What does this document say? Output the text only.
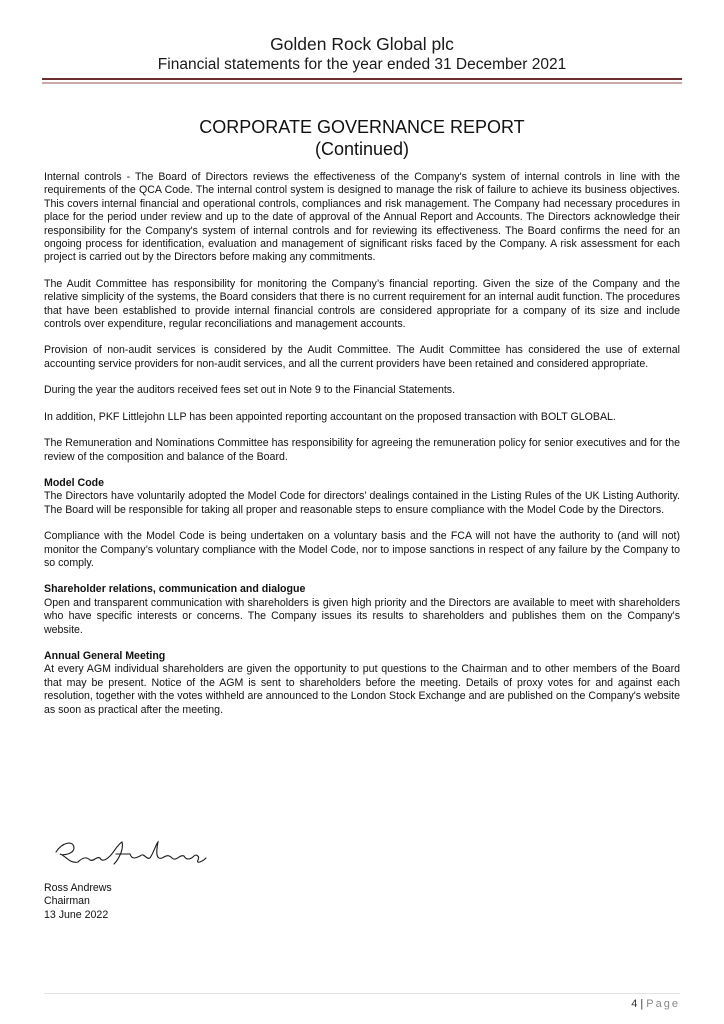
Golden Rock Global plc
Financial statements for the year ended 31 December 2021
CORPORATE GOVERNANCE REPORT
(Continued)

Internal controls - The Board of Directors reviews the effectiveness of the Company's system of internal controls in line with the requirements of the QCA Code. The internal control system is designed to manage the risk of failure to achieve its business objectives. This covers internal financial and operational controls, compliances and risk management. The Company had necessary procedures in place for the period under review and up to the date of approval of the Annual Report and Accounts. The Directors acknowledge their responsibility for the Company's system of internal controls and for reviewing its effectiveness. The Board confirms the need for an ongoing process for identification, evaluation and management of significant risks faced by the Company. A risk assessment for each project is carried out by the Directors before making any commitments.

The Audit Committee has responsibility for monitoring the Company’s financial reporting. Given the size of the Company and the relative simplicity of the systems, the Board considers that there is no current requirement for an internal audit function. The procedures that have been established to provide internal financial controls are considered appropriate for a company of its size and include controls over expenditure, regular reconciliations and management accounts.

Provision of non-audit services is considered by the Audit Committee. The Audit Committee has considered the use of external accounting service providers for non-audit services, and all the current providers have been retained and considered appropriate.

During the year the auditors received fees set out in Note 9 to the Financial Statements.

In addition, PKF Littlejohn LLP has been appointed reporting accountant on the proposed transaction with BOLT GLOBAL.

The Remuneration and Nominations Committee has responsibility for agreeing the remuneration policy for senior executives and for the review of the composition and balance of the Board.

Model Code

The Directors have voluntarily adopted the Model Code for directors’ dealings contained in the Listing Rules of the UK Listing Authority. The Board will be responsible for taking all proper and reasonable steps to ensure compliance with the Model Code by the Directors.

Compliance with the Model Code is being undertaken on a voluntary basis and the FCA will not have the authority to (and will not) monitor the Company’s voluntary compliance with the Model Code, nor to impose sanctions in respect of any failure by the Company to so comply.

Shareholder relations, communication and dialogue

Open and transparent communication with shareholders is given high priority and the Directors are available to meet with shareholders who have specific interests or concerns. The Company issues its results to shareholders and publishes them on the Company's website.

Annual General Meeting

At every AGM individual shareholders are given the opportunity to put questions to the Chairman and to other members of the Board that may be present. Notice of the AGM is sent to shareholders before the meeting. Details of proxy votes for and against each resolution, together with the votes withheld are announced to the London Stock Exchange and are published on the Company's website as soon as practical after the meeting.

Ross Andrews
Chairman
13 June 2022
4 | Page
